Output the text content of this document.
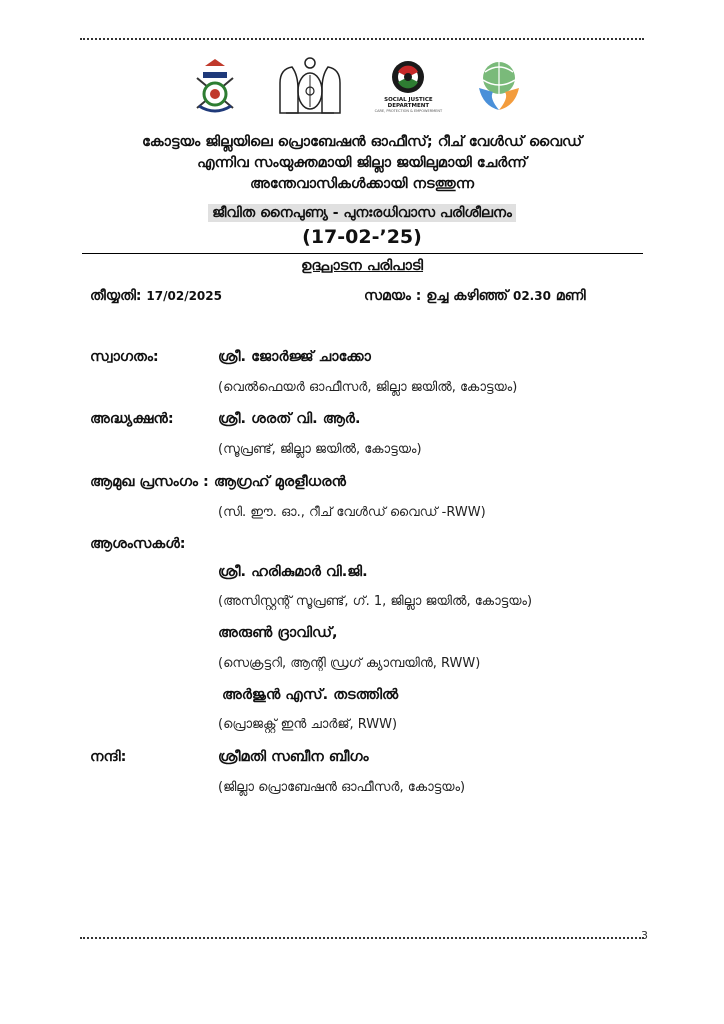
SOCIAL JUSTICE
DEPARTMENT
CARE, PROTECTION & EMPOWERMENT
കോട്ടയം ജില്ലയിലെ പ്രൊബേഷൻ ഓഫീസ്; റീച് വേൾഡ് വൈഡ്
എന്നിവ സംയുക്തമായി ജില്ലാ ജയിലുമായി ചേർന്ന്
അന്തേവാസികൾക്കായി നടത്തുന്ന
ജീവിത നൈപുണ്യ - പുനഃരധിവാസ പരിശീലനം
(17-02-’25)
ഉദ്ഘാടന പരിപാടി
തീയ്യതി: 17/02/2025	സമയം : ഉച്ച കഴിഞ്ഞ് 02.30 മണി
സ്വാഗതം:	ശ്രീ. ജോർജ്ജ് ചാക്കോ
(വെൽഫെയർ ഓഫീസർ, ജില്ലാ ജയിൽ, കോട്ടയം)
അദ്ധ്യക്ഷൻ:	ശ്രീ. ശരത് വി. ആർ.
(സൂപ്രണ്ട്, ജില്ലാ ജയിൽ, കോട്ടയം)
ആമുഖ പ്രസംഗം : ആഗ്രഹ് മുരളീധരൻ
(സി. ഈ. ഓ., റീച് വേൾഡ് വൈഡ് -RWW)
ആശംസകൾ:
ശ്രീ. ഹരികുമാർ വി.ജി.
(അസിസ്റ്റന്റ് സൂപ്രണ്ട്, ഗ്. 1, ജില്ലാ ജയിൽ, കോട്ടയം)
അരുൺ ദ്രാവിഡ്,
(സെക്രട്ടറി, ആന്റി ഡ്രഗ് ക്യാമ്പയിൻ, RWW)
അർജുൻ എസ്. തടത്തിൽ
(പ്രൊജക്റ്റ് ഇൻ ചാർജ്, RWW)
നന്ദി:	ശ്രീമതി സബീന ബീഗം
(ജില്ലാ പ്രൊബേഷൻ ഓഫീസർ, കോട്ടയം)
3
